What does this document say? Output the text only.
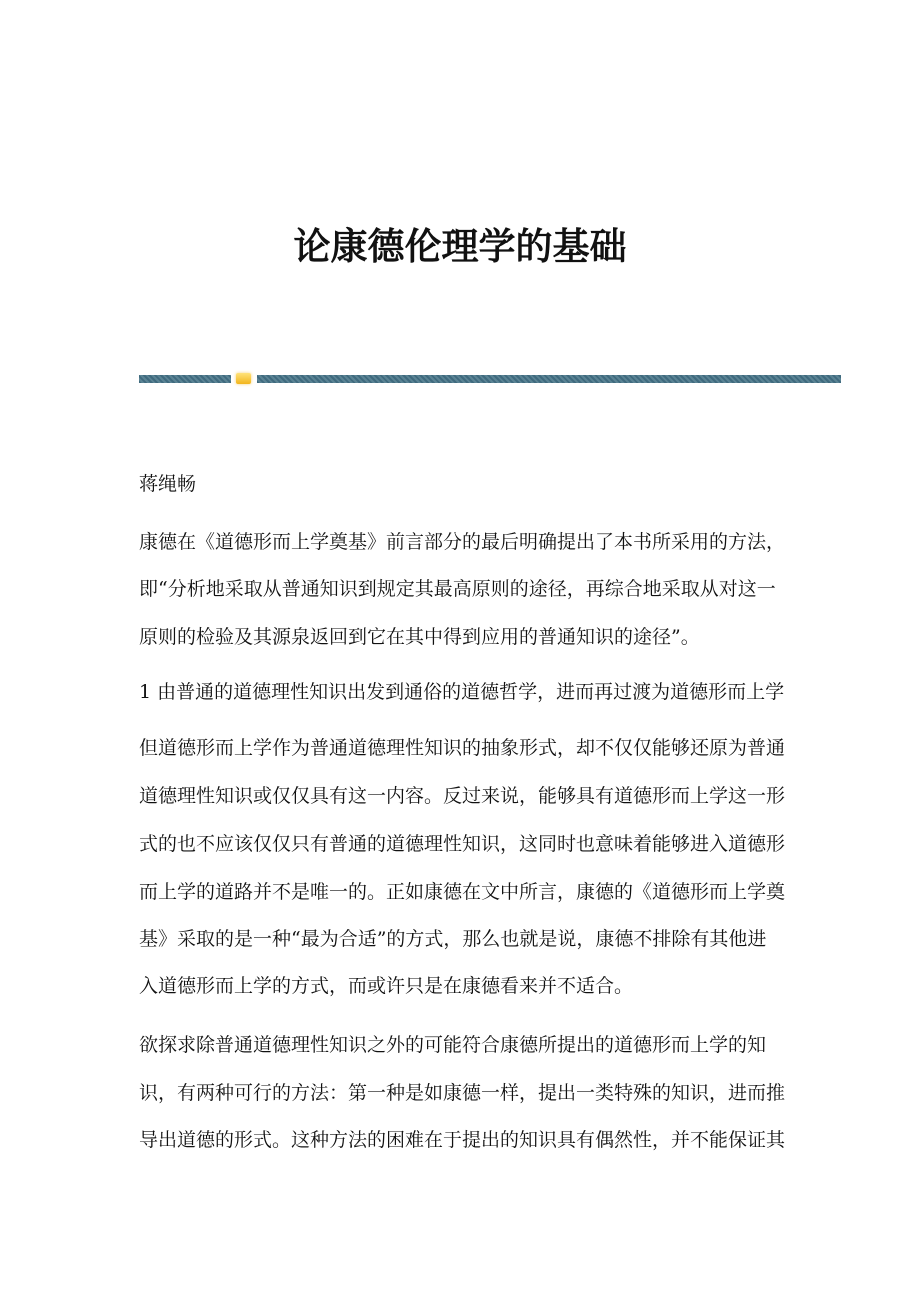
论康德伦理学的基础
蒋绳畅
康德在《道德形而上学奠基》前言部分的最后明确提出了本书所采用的方法，
即“分析地采取从普通知识到规定其最高原则的途径，再综合地采取从对这一
原则的检验及其源泉返回到它在其中得到应用的普通知识的途径”。
1 由普通的道德理性知识出发到通俗的道德哲学，进而再过渡为道德形而上学
但道德形而上学作为普通道德理性知识的抽象形式，却不仅仅能够还原为普通
道德理性知识或仅仅具有这一内容。反过来说，能够具有道德形而上学这一形
式的也不应该仅仅只有普通的道德理性知识，这同时也意味着能够进入道德形
而上学的道路并不是唯一的。正如康德在文中所言，康德的《道德形而上学奠
基》采取的是一种“最为合适”的方式，那么也就是说，康德不排除有其他进
入道德形而上学的方式，而或许只是在康德看来并不适合。
欲探求除普通道德理性知识之外的可能符合康德所提出的道德形而上学的知
识，有两种可行的方法：第一种是如康德一样，提出一类特殊的知识，进而推
导出道德的形式。这种方法的困难在于提出的知识具有偶然性，并不能保证其
